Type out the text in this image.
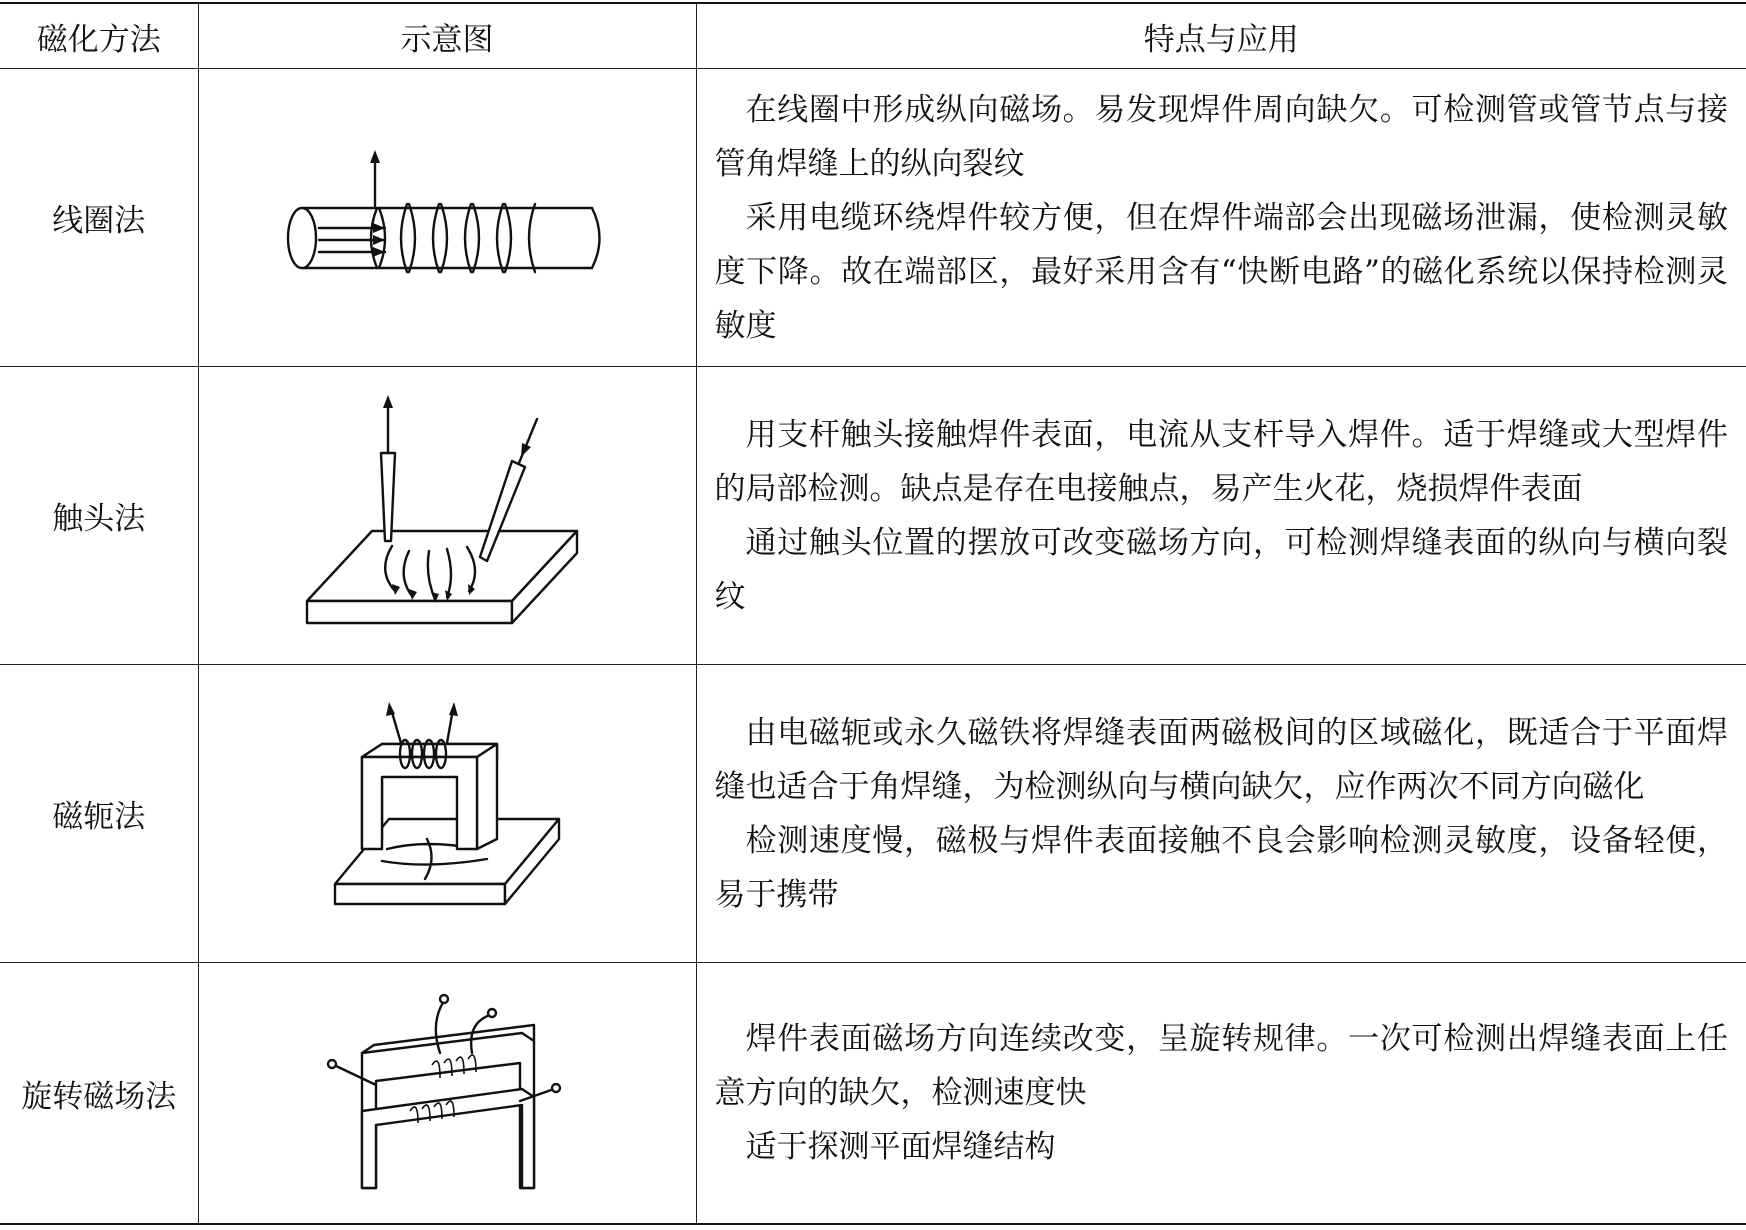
磁化方法	示意图	特点与应用
线圈法		在线圈中形成纵向磁场。易发现焊件周向缺欠。可检测管或管节点与接管角焊缝上的纵向裂纹

采用电缆环绕焊件较方便，但在焊件端部会出现磁场泄漏，使检测灵敏度下降。故在端部区，最好采用含有“快断电路”的磁化系统以保持检测灵敏度

触头法		用支杆触头接触焊件表面，电流从支杆导入焊件。适于焊缝或大型焊件的局部检测。缺点是存在电接触点，易产生火花，烧损焊件表面

通过触头位置的摆放可改变磁场方向，可检测焊缝表面的纵向与横向裂纹

磁轭法		由电磁轭或永久磁铁将焊缝表面两磁极间的区域磁化，既适合于平面焊缝也适合于角焊缝，为检测纵向与横向缺欠，应作两次不同方向磁化

检测速度慢，磁极与焊件表面接触不良会影响检测灵敏度，设备轻便，易于携带

旋转磁场法		焊件表面磁场方向连续改变，呈旋转规律。一次可检测出焊缝表面上任意方向的缺欠，检测速度快

适于探测平面焊缝结构
